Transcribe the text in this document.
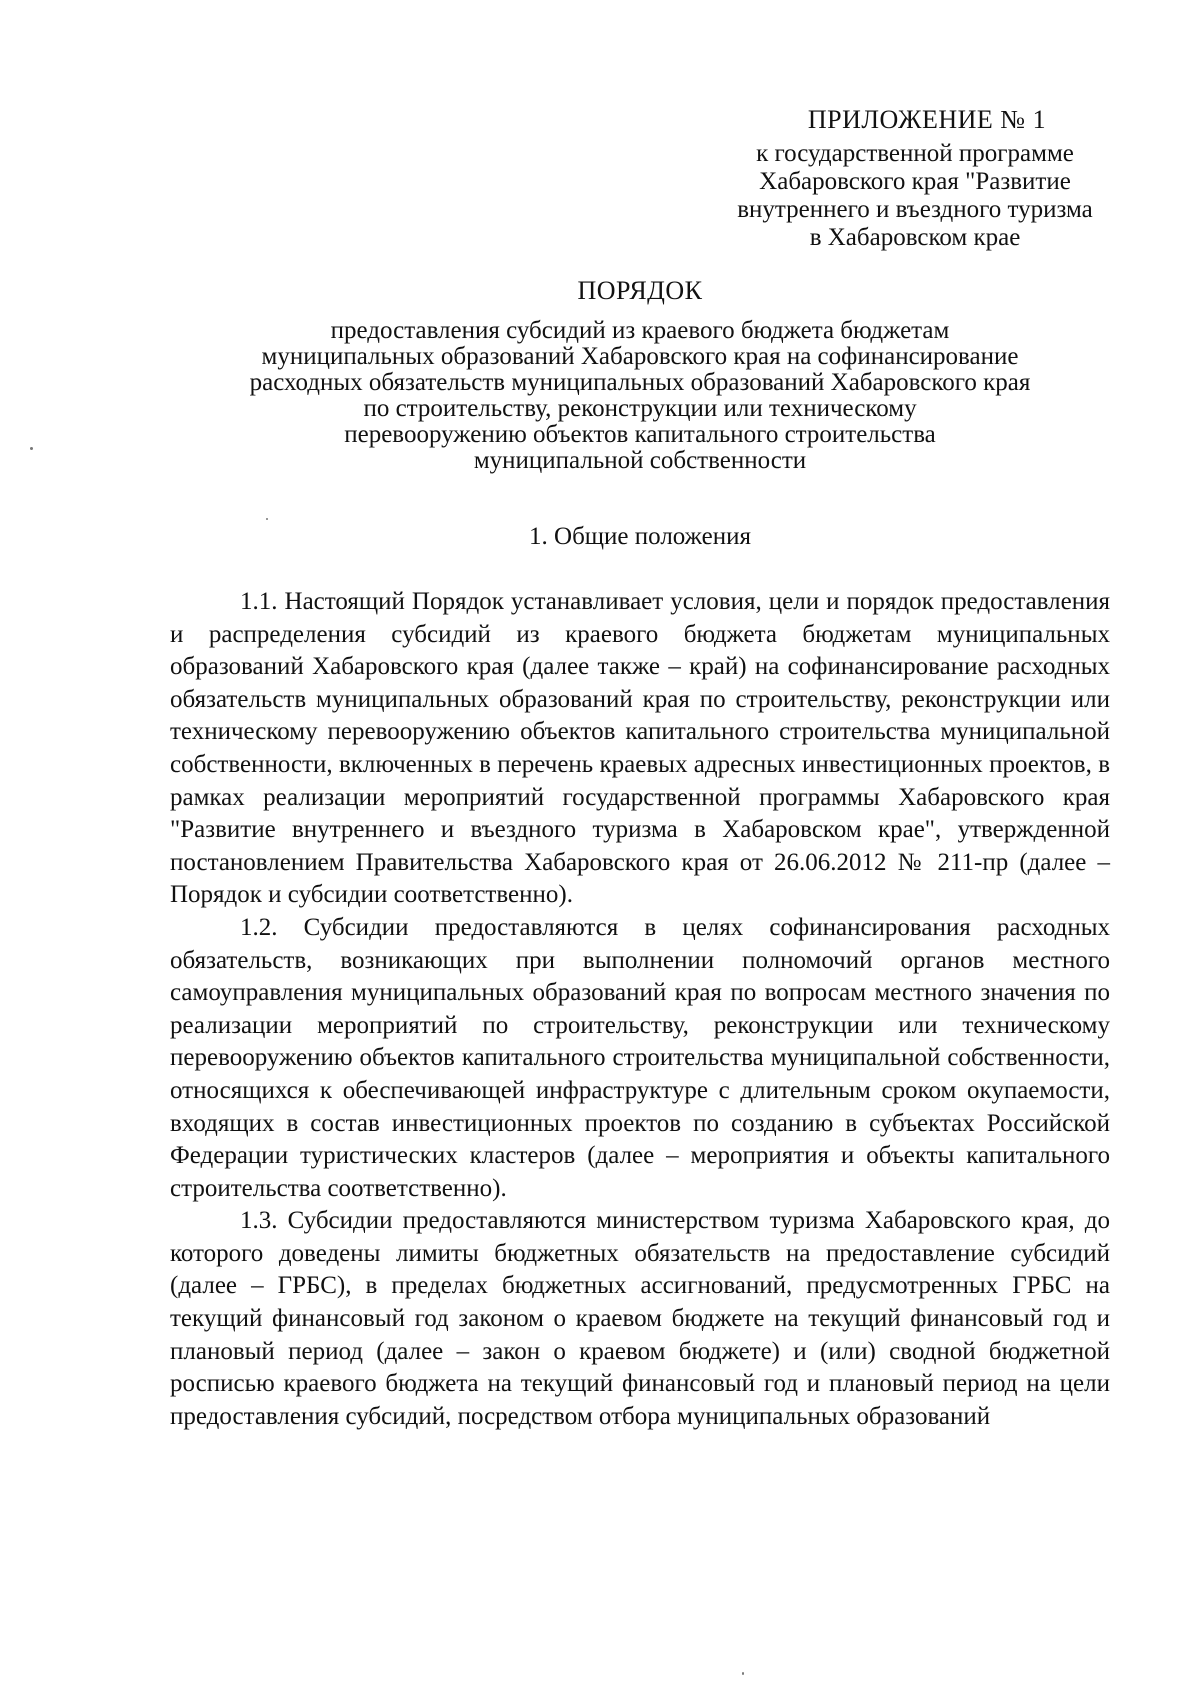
ПРИЛОЖЕНИЕ № 1
к государственной программе
Хабаровского края "Развитие
внутреннего и въездного туризма
в Хабаровском крае
ПОРЯДОК
предоставления субсидий из краевого бюджета бюджетам
муниципальных образований Хабаровского края на софинансирование
расходных обязательств муниципальных образований Хабаровского края
по строительству, реконструкции или техническому
перевооружению объектов капитального строительства
муниципальной собственности
1. Общие положения

1.1. Настоящий Порядок устанавливает условия, цели и порядок предоставления и распределения субсидий из краевого бюджета бюджетам муниципальных образований Хабаровского края (далее также – край) на софинансирование расходных обязательств муниципальных образований края по строительству, реконструкции или техническому перевооружению объектов капитального строительства муниципальной собственности, включенных в перечень краевых адресных инвестиционных проектов, в рамках реализации мероприятий государственной программы Хабаровского края "Развитие внутреннего и въездного туризма в Хабаровском крае", утвержденной постановлением Правительства Хабаровского края от 26.06.2012 № 211-пр (далее – Порядок и субсидии соответственно).

1.2. Субсидии предоставляются в целях софинансирования расходных обязательств, возникающих при выполнении полномочий органов местного самоуправления муниципальных образований края по вопросам местного значения по реализации мероприятий по строительству, реконструкции или техническому перевооружению объектов капитального строительства муниципальной собственности, относящихся к обеспечивающей инфраструктуре с длительным сроком окупаемости, входящих в состав инвестиционных проектов по созданию в субъектах Российской Федерации туристических кластеров (далее – мероприятия и объекты капитального строительства соответственно).

1.3. Субсидии предоставляются министерством туризма Хабаровского края, до которого доведены лимиты бюджетных обязательств на предоставление субсидий (далее – ГРБС), в пределах бюджетных ассигнований, предусмотренных ГРБС на текущий финансовый год законом о краевом бюджете на текущий финансовый год и плановый период (далее – закон о краевом бюджете) и (или) сводной бюджетной росписью краевого бюджета на текущий финансовый год и плановый период на цели предоставления субсидий, посредством отбора муниципальных образований
